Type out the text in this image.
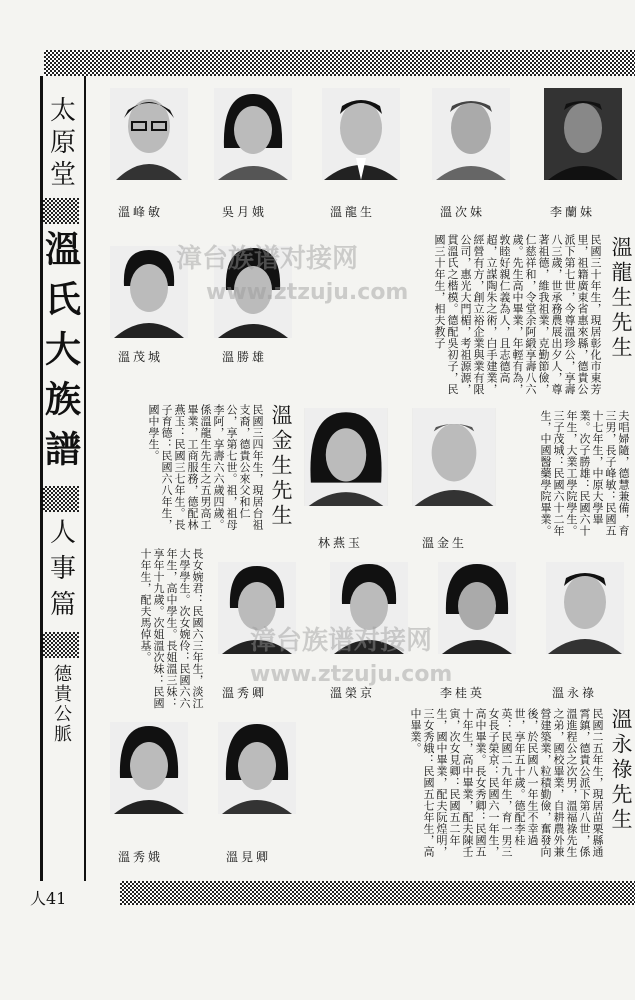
太原堂
溫氏大族譜
人事篇
德貴公脈
人41
溫峰敏	吳月娥	溫龍生	溫次妹	李蘭妹
溫茂城	溫勝雄
林燕玉	溫金生
溫秀卿	溫榮京	李桂英	溫永祿
溫秀娥	溫見卿
溫龍生先生
民國三十年生，現居彰化市東芳里，祖籍廣東省惠來縣，德貴公派下第七世，今尊溫珍公，享壽八三歲，世承務農展出夕人，尊著祖德，維我祖業，克勤節儉，仁慈祥和，令堂余阿緞享壽八六歲。先生高中畢業，年輕有為，敦睦好親仁義為人，且志德高超，立謀陶朱之術，白手建業，經營有方，創立裕企業與業有限公司，惠光大門楣，考祖源源，貫溫氏之楷模。德配吳初子，民國三十年生，相夫教子
夫唱婦隨，德慧兼備，育三男，長子峰敏：民國五十七年生，中原大學畢業。次子勝雄：民國六十年生，大業工學院學生。三子茂城：民國六十二年生，中國醫藥學院畢業。
溫金生先生
民國三四年生，現居台祖支裔，德貴公來父和仁公，享第七世。祖，祖母李阿，享壽六六歲四歲。係溫龍生先生之五男高工畢業，工商服務，德配林燕玉：民國三七年生。長子育德：民國六八年生，國中學生。
長女婉君：民國六三年生，淡江大學學生。次女婉伶：民國六六年生，高中學生。長姐溫三妹：享年十九歲。次姐溫次妹：民國十年生，配夫馬倬基。
溫永祿先生
民國二五年生，現居苗栗縣通霄鎮，德貴公派下第八世，係溫進程公之次男，溫福祿先生之弟，國校畢業，自耕農外兼營建築業，粒積勤儉，奮發向後，於民國八一年生不幸過世，享年五十歲。德配李桂英：民國二九年生，育一男三女長子榮京：民國六一年生，高中畢業。長女秀卿：民國五十年生，高中畢業，配夫陳壬寅，次女見卿：民國五二年生，國中畢業，配夫阮煌明，三女秀娥：民國五七年生，高中畢業。
漳台族谱对接网
www.ztzuju.com
漳台族谱对接网
www.ztzuju.com
